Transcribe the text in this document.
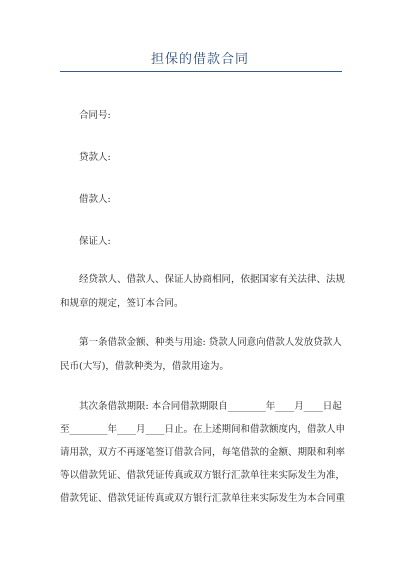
担保的借款合同
合同号:
贷款人:
借款人:
保证人:
经贷款人、借款人、保证人协商相同，依据国家有关法律、法规
和规章的规定，签订本合同。
第一条借款金额、种类与用途: 贷款人同意向借款人发放贷款人
民币(大写)，借款种类为，借款用途为。
其次条借款期限: 本合同借款期限自________年____月____日起
至________年____月____日止。在上述期间和借款额度内，借款人申
请用款，双方不再逐笔签订借款合同，每笔借款的金额、期限和利率
等以借款凭证、借款凭证传真或双方银行汇款单往来实际发生为准，
借款凭证、借款凭证传真或双方银行汇款单往来实际发生为本合同重
